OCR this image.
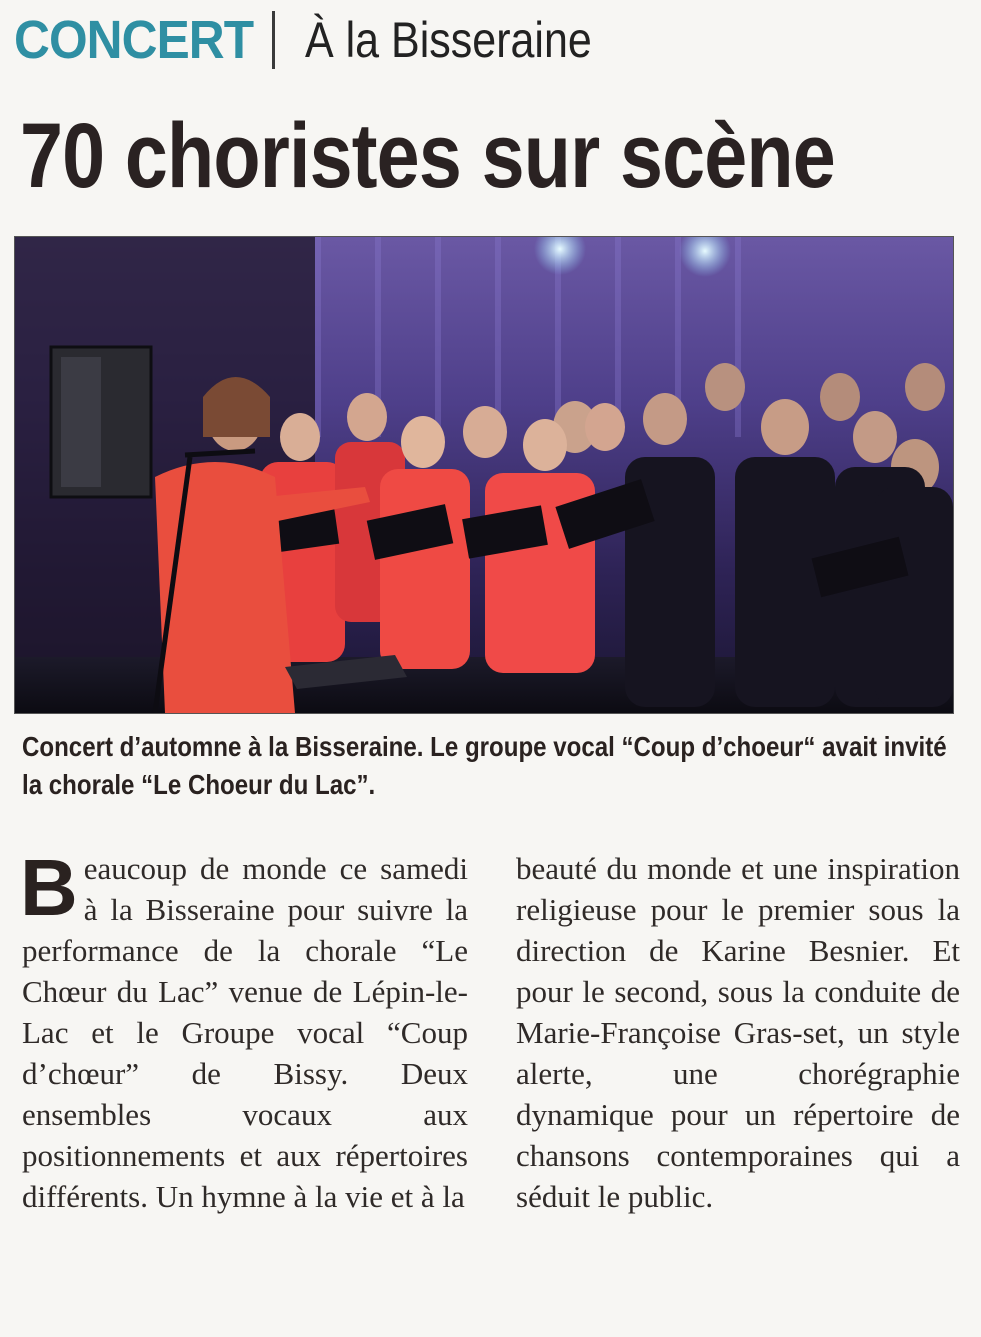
CONCERT À la Bisseraine
70 choristes sur scène
Concert d’automne à la Bisseraine. Le groupe vocal “Coup d’choeur“ avait invité la chorale “Le Choeur du Lac”.

B eaucoup de monde ce samedi à la Bisseraine pour suivre la performance de la chorale “Le Chœur du Lac” venue de Lépin-le-Lac et le Groupe vocal “Coup d’chœur” de Bissy. Deux ensembles vocaux aux positionnements et aux répertoires différents. Un hymne à la vie et à la

beauté du monde et une inspiration religieuse pour le premier sous la direction de Karine Besnier. Et pour le second, sous la conduite de Marie-Françoise Gras-set, un style alerte, une chorégraphie dynamique pour un répertoire de chansons contemporaines qui a séduit le public.
